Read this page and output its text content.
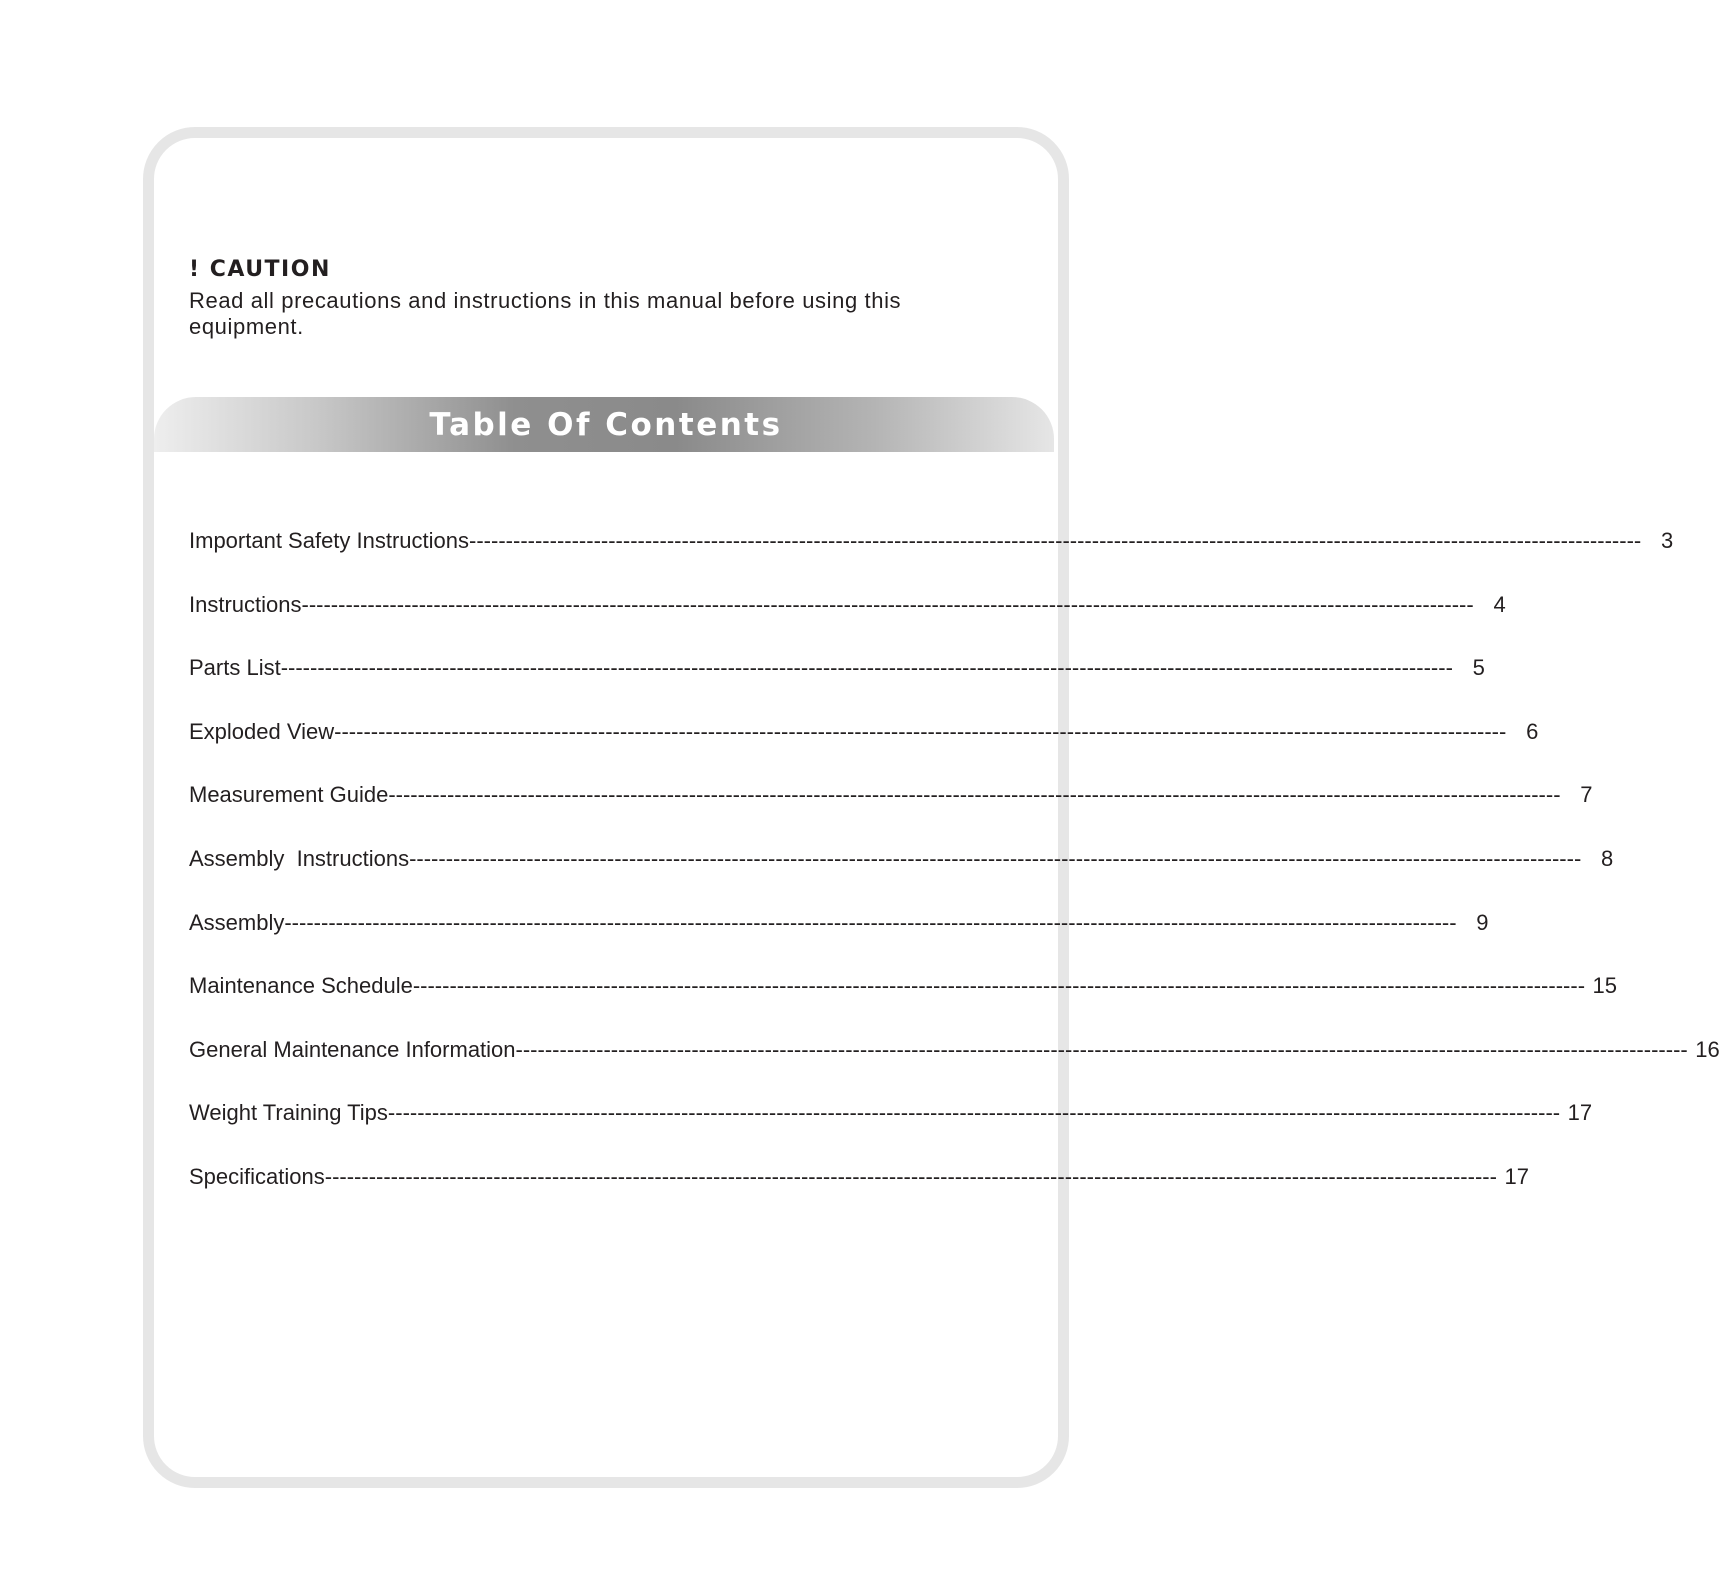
! CAUTION

Read all precautions and instructions in this manual before using this equipment.

Table Of Contents
Important Safety Instructions ---------------------------------------------------------------------------------------------------------------------------------------------------------------- 3
Instructions ---------------------------------------------------------------------------------------------------------------------------------------------------------------- 4
Parts List ---------------------------------------------------------------------------------------------------------------------------------------------------------------- 5
Exploded View ---------------------------------------------------------------------------------------------------------------------------------------------------------------- 6
Measurement Guide ---------------------------------------------------------------------------------------------------------------------------------------------------------------- 7
Assembly  Instructions ---------------------------------------------------------------------------------------------------------------------------------------------------------------- 8
Assembly ---------------------------------------------------------------------------------------------------------------------------------------------------------------- 9
Maintenance Schedule ---------------------------------------------------------------------------------------------------------------------------------------------------------------- 15
General Maintenance Information ---------------------------------------------------------------------------------------------------------------------------------------------------------------- 16
Weight Training Tips ---------------------------------------------------------------------------------------------------------------------------------------------------------------- 17
Specifications ---------------------------------------------------------------------------------------------------------------------------------------------------------------- 17
